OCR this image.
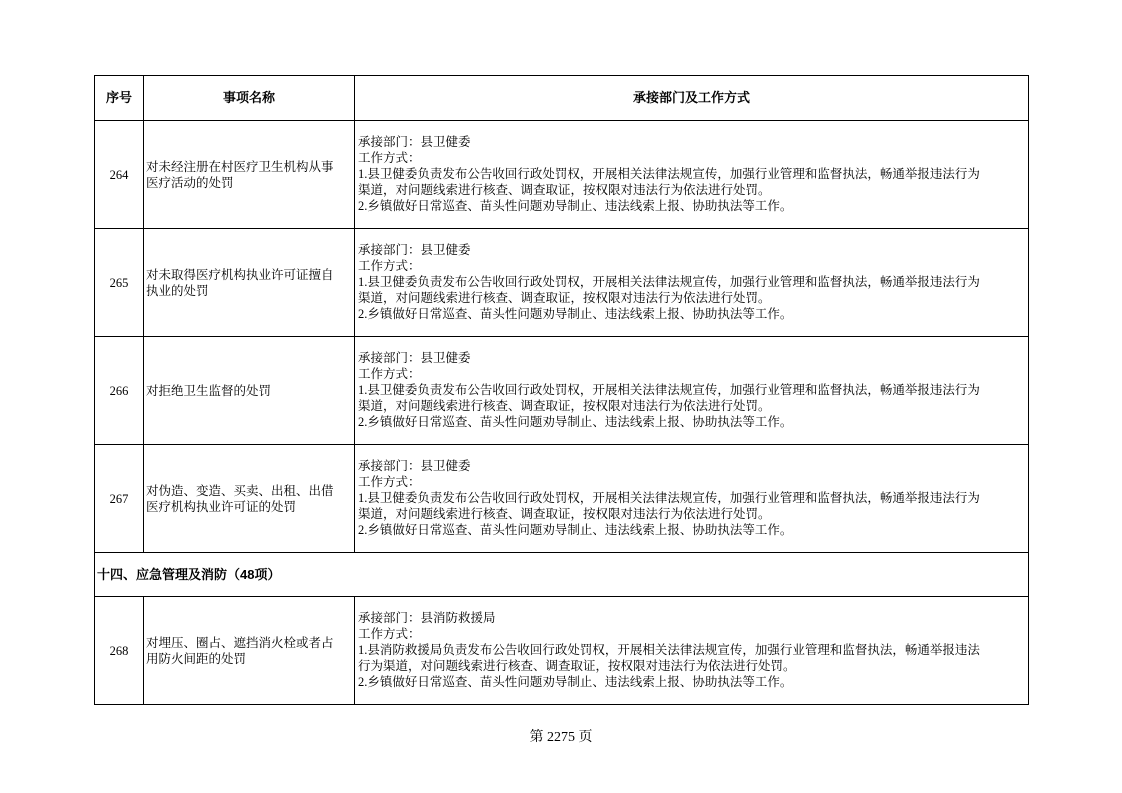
序号	事项名称	承接部门及工作方式
264	对未经注册在村医疗卫生机构从事
医疗活动的处罚	承接部门：县卫健委
工作方式：
1.县卫健委负责发布公告收回行政处罚权，开展相关法律法规宣传，加强行业管理和监督执法，畅通举报违法行为
渠道，对问题线索进行核查、调查取证，按权限对违法行为依法进行处罚。
2.乡镇做好日常巡查、苗头性问题劝导制止、违法线索上报、协助执法等工作。

265	对未取得医疗机构执业许可证擅自
执业的处罚	承接部门：县卫健委
工作方式：
1.县卫健委负责发布公告收回行政处罚权，开展相关法律法规宣传，加强行业管理和监督执法，畅通举报违法行为
渠道，对问题线索进行核查、调查取证，按权限对违法行为依法进行处罚。
2.乡镇做好日常巡查、苗头性问题劝导制止、违法线索上报、协助执法等工作。

266	对拒绝卫生监督的处罚	承接部门：县卫健委
工作方式：
1.县卫健委负责发布公告收回行政处罚权，开展相关法律法规宣传，加强行业管理和监督执法，畅通举报违法行为
渠道，对问题线索进行核查、调查取证，按权限对违法行为依法进行处罚。
2.乡镇做好日常巡查、苗头性问题劝导制止、违法线索上报、协助执法等工作。

267	对伪造、变造、买卖、出租、出借
医疗机构执业许可证的处罚	承接部门：县卫健委
工作方式：
1.县卫健委负责发布公告收回行政处罚权，开展相关法律法规宣传，加强行业管理和监督执法，畅通举报违法行为
渠道，对问题线索进行核查、调查取证，按权限对违法行为依法进行处罚。
2.乡镇做好日常巡查、苗头性问题劝导制止、违法线索上报、协助执法等工作。

十四、应急管理及消防（48项）		
268	对埋压、圈占、遮挡消火栓或者占
用防火间距的处罚	承接部门：县消防救援局
工作方式：
1.县消防救援局负责发布公告收回行政处罚权，开展相关法律法规宣传，加强行业管理和监督执法，畅通举报违法
行为渠道，对问题线索进行核查、调查取证，按权限对违法行为依法进行处罚。
2.乡镇做好日常巡查、苗头性问题劝导制止、违法线索上报、协助执法等工作。
第 2275 页
